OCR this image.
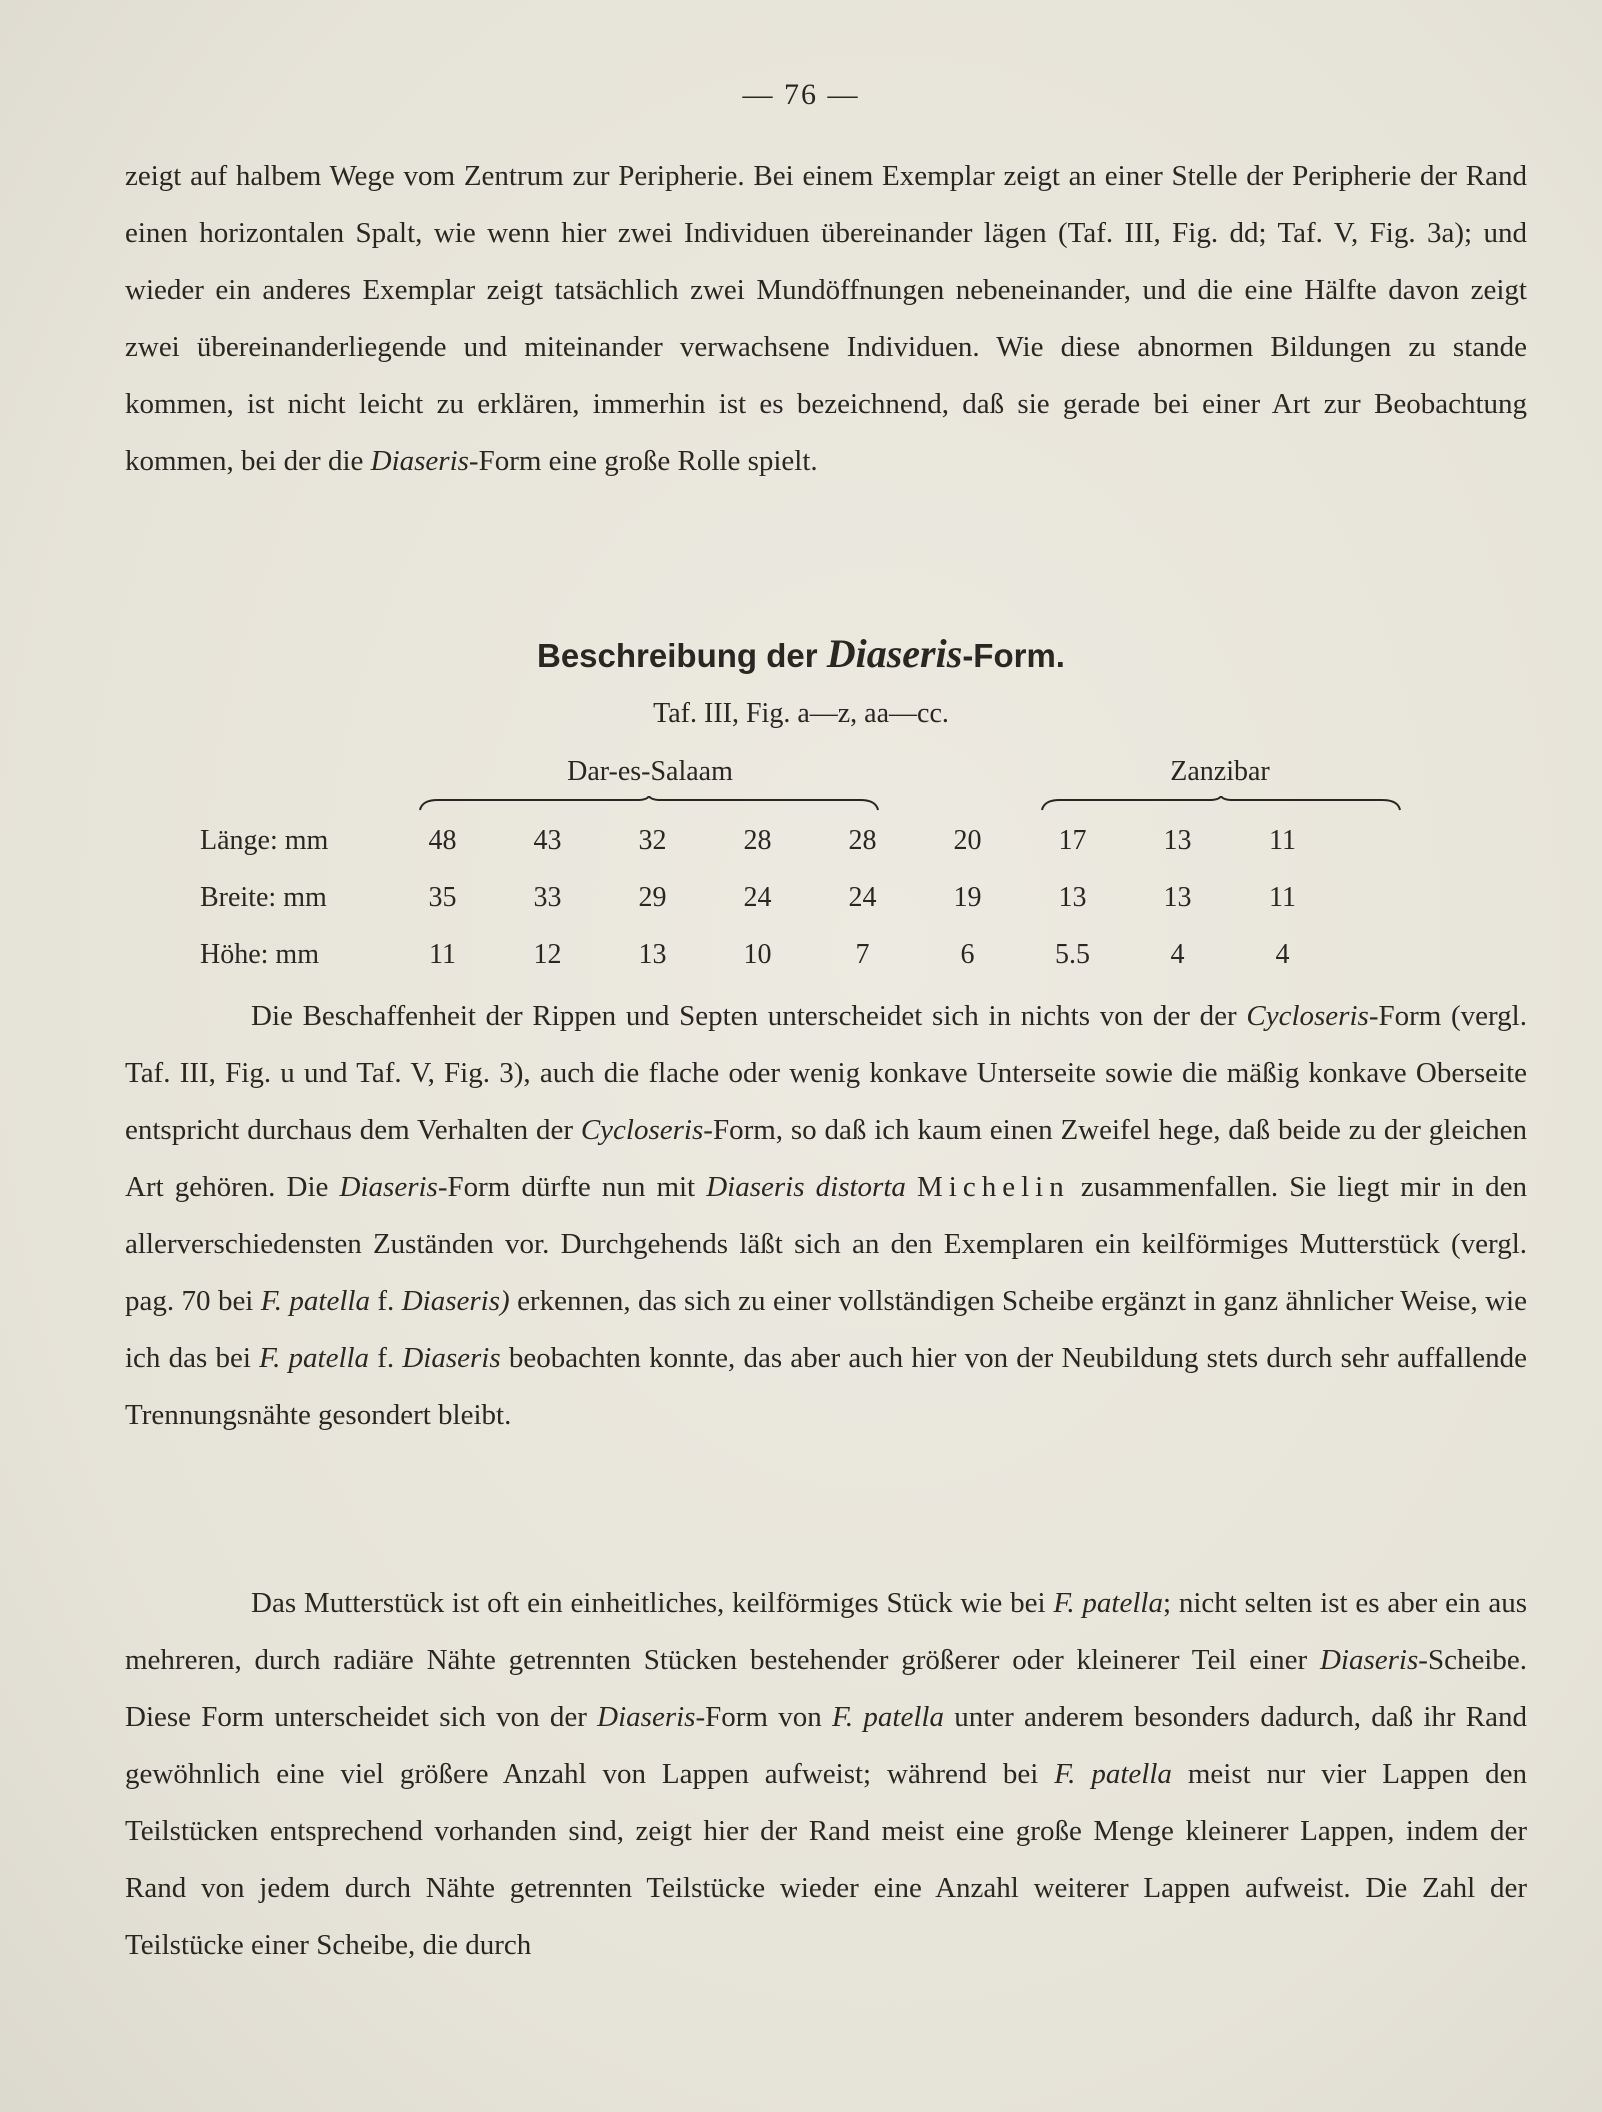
— 76 —
zeigt auf halbem Wege vom Zentrum zur Peripherie. Bei einem Exemplar zeigt an einer Stelle der Peripherie der Rand einen horizontalen Spalt, wie wenn hier zwei Individuen übereinander lägen (Taf. III, Fig. dd; Taf. V, Fig. 3a); und wieder ein anderes Exemplar zeigt tatsächlich zwei Mundöffnungen nebeneinander, und die eine Hälfte davon zeigt zwei übereinanderliegende und miteinander verwachsene Individuen. Wie diese abnormen Bildungen zu stande kommen, ist nicht leicht zu erklären, immerhin ist es bezeichnend, daß sie gerade bei einer Art zur Beobachtung kommen, bei der die Diaseris-Form eine große Rolle spielt.
Beschreibung der Diaseris-Form.
Taf. III, Fig. a—z, aa—cc.
Dar-es-Salaam	Zanzibar
Länge: mm	48	43	32	28	28	20	17	13	11
Breite: mm	35	33	29	24	24	19	13	13	11
Höhe: mm	11	12	13	10	7	6	5.5	4	4
Die Beschaffenheit der Rippen und Septen unterscheidet sich in nichts von der der Cycloseris-Form (vergl. Taf. III, Fig. u und Taf. V, Fig. 3), auch die flache oder wenig konkave Unterseite sowie die mäßig konkave Oberseite entspricht durchaus dem Verhalten der Cycloseris-Form, so daß ich kaum einen Zweifel hege, daß beide zu der gleichen Art gehören. Die Diaseris-Form dürfte nun mit Diaseris distorta Michelin zusammenfallen. Sie liegt mir in den allerverschiedensten Zuständen vor. Durchgehends läßt sich an den Exemplaren ein keilförmiges Mutterstück (vergl. pag. 70 bei F. patella f. Diaseris) erkennen, das sich zu einer vollständigen Scheibe ergänzt in ganz ähnlicher Weise, wie ich das bei F. patella f. Diaseris beobachten konnte, das aber auch hier von der Neubildung stets durch sehr auffallende Trennungsnähte gesondert bleibt.
Das Mutterstück ist oft ein einheitliches, keilförmiges Stück wie bei F. patella; nicht selten ist es aber ein aus mehreren, durch radiäre Nähte getrennten Stücken bestehender größerer oder kleinerer Teil einer Diaseris-Scheibe. Diese Form unterscheidet sich von der Diaseris-Form von F. patella unter anderem besonders dadurch, daß ihr Rand gewöhnlich eine viel größere Anzahl von Lappen aufweist; während bei F. patella meist nur vier Lappen den Teilstücken entsprechend vorhanden sind, zeigt hier der Rand meist eine große Menge kleinerer Lappen, indem der Rand von jedem durch Nähte getrennten Teilstücke wieder eine Anzahl weiterer Lappen aufweist. Die Zahl der Teilstücke einer Scheibe, die durch
